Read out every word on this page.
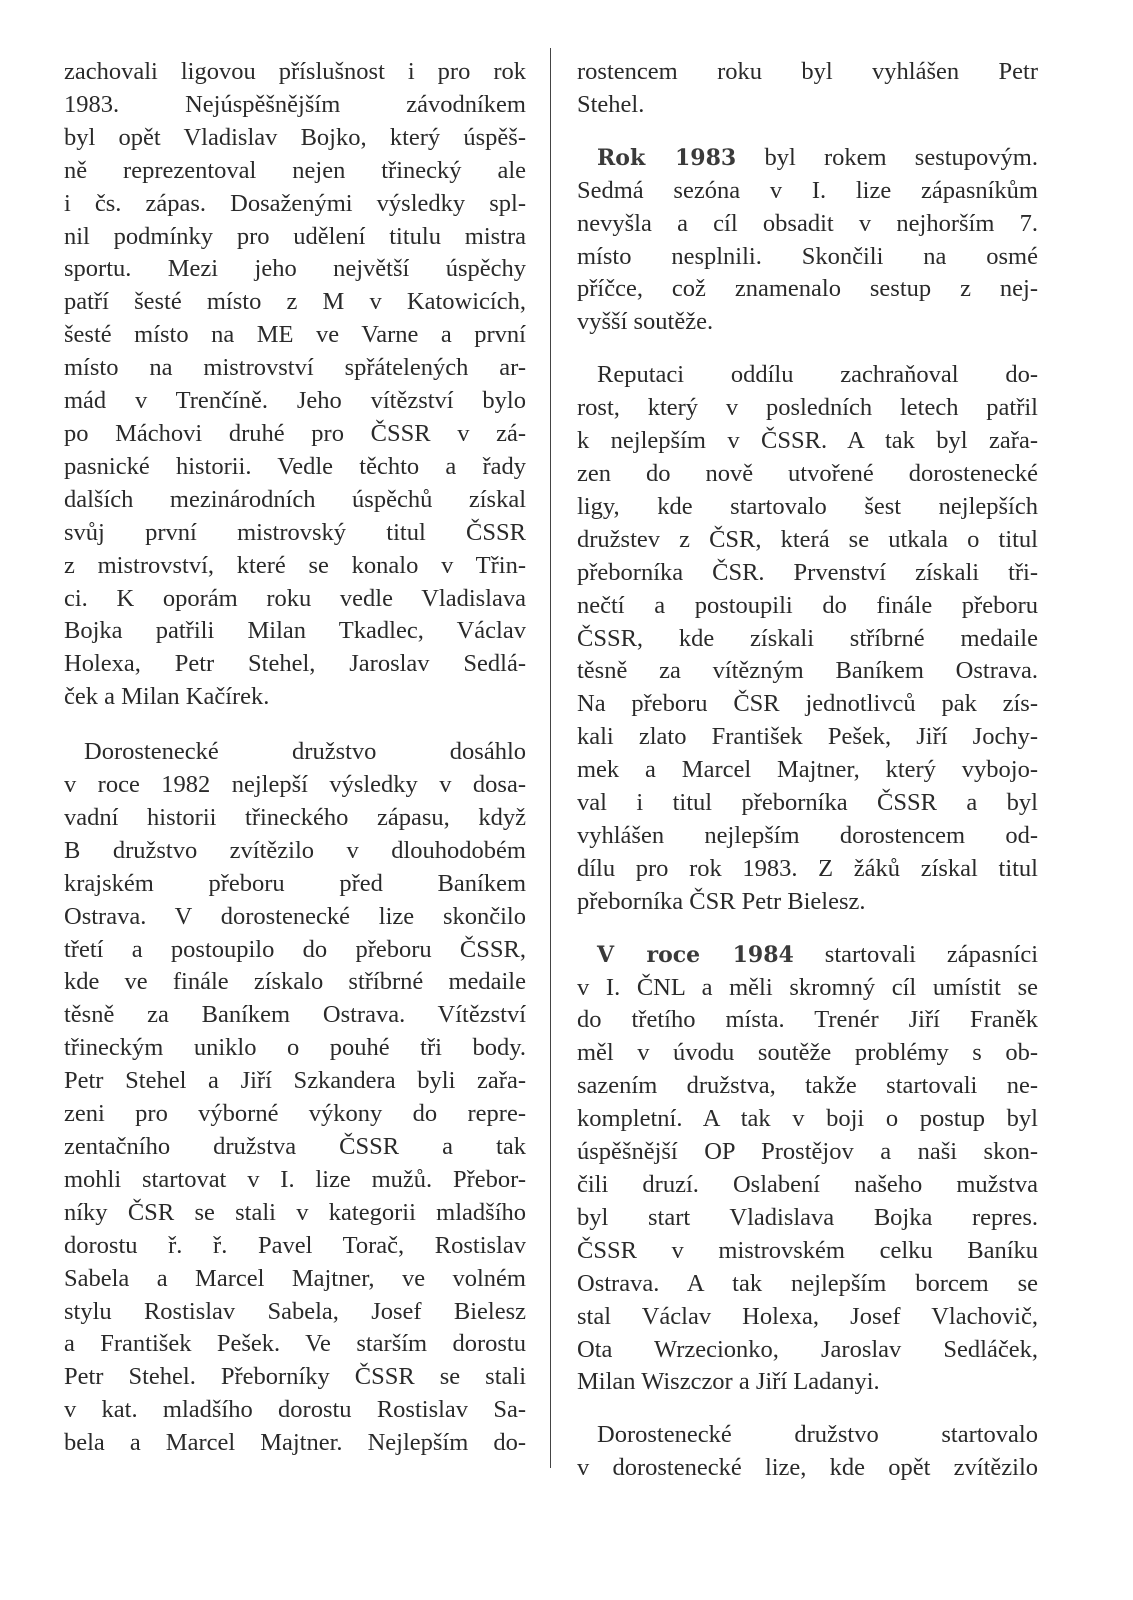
zachovali ligovou příslušnost i pro rok
1983. Nejúspěšnějším závodníkem
byl opět Vladislav Bojko, který úspěš-
ně reprezentoval nejen třinecký ale
i čs. zápas. Dosaženými výsledky spl-
nil podmínky pro udělení titulu mistra
sportu. Mezi jeho největší úspěchy
patří šesté místo z M v Katowicích,
šesté místo na ME ve Varne a první
místo na mistrovství spřátelených ar-
mád v Trenčíně. Jeho vítězství bylo
po Máchovi druhé pro ČSSR v zá-
pasnické historii. Vedle těchto a řady
dalších mezinárodních úspěchů získal
svůj první mistrovský titul ČSSR
z mistrovství, které se konalo v Třin-
ci. K oporám roku vedle Vladislava
Bojka patřili Milan Tkadlec, Václav
Holexa, Petr Stehel, Jaroslav Sedlá-
ček a Milan Kačírek.

Dorostenecké družstvo dosáhlo
v roce 1982 nejlepší výsledky v dosa-
vadní historii třineckého zápasu, když
B družstvo zvítězilo v dlouhodobém
krajském přeboru před Baníkem
Ostrava. V dorostenecké lize skončilo
třetí a postoupilo do přeboru ČSSR,
kde ve finále získalo stříbrné medaile
těsně za Baníkem Ostrava. Vítězství
třineckým uniklo o pouhé tři body.
Petr Stehel a Jiří Szkandera byli zařa-
zeni pro výborné výkony do repre-
zentačního družstva ČSSR a tak
mohli startovat v I. lize mužů. Přebor-
níky ČSR se stali v kategorii mladšího
dorostu ř. ř. Pavel Torač, Rostislav
Sabela a Marcel Majtner, ve volném
stylu Rostislav Sabela, Josef Bielesz
a František Pešek. Ve starším dorostu
Petr Stehel. Přeborníky ČSSR se stali
v kat. mladšího dorostu Rostislav Sa-
bela a Marcel Majtner. Nejlepším do-

rostencem roku byl vyhlášen Petr
Stehel.

Rok 1983 byl rokem sestupovým.
Sedmá sezóna v I. lize zápasníkům
nevyšla a cíl obsadit v nejhorším 7.
místo nesplnili. Skončili na osmé
příčce, což znamenalo sestup z nej-
vyšší soutěže.

Reputaci oddílu zachraňoval do-
rost, který v posledních letech patřil
k nejlepším v ČSSR. A tak byl zařa-
zen do nově utvořené dorostenecké
ligy, kde startovalo šest nejlepších
družstev z ČSR, která se utkala o titul
přeborníka ČSR. Prvenství získali tři-
nečtí a postoupili do finále přeboru
ČSSR, kde získali stříbrné medaile
těsně za vítězným Baníkem Ostrava.
Na přeboru ČSR jednotlivců pak zís-
kali zlato František Pešek, Jiří Jochy-
mek a Marcel Majtner, který vybojo-
val i titul přeborníka ČSSR a byl
vyhlášen nejlepším dorostencem od-
dílu pro rok 1983. Z žáků získal titul
přeborníka ČSR Petr Bielesz.

V roce 1984 startovali zápasníci
v I. ČNL a měli skromný cíl umístit se
do třetího místa. Trenér Jiří Franěk
měl v úvodu soutěže problémy s ob-
sazením družstva, takže startovali ne-
kompletní. A tak v boji o postup byl
úspěšnější OP Prostějov a naši skon-
čili druzí. Oslabení našeho mužstva
byl start Vladislava Bojka repres.
ČSSR v mistrovském celku Baníku
Ostrava. A tak nejlepším borcem se
stal Václav Holexa, Josef Vlachovič,
Ota Wrzecionko, Jaroslav Sedláček,
Milan Wiszczor a Jiří Ladanyi.

Dorostenecké družstvo startovalo
v dorostenecké lize, kde opět zvítězilo
